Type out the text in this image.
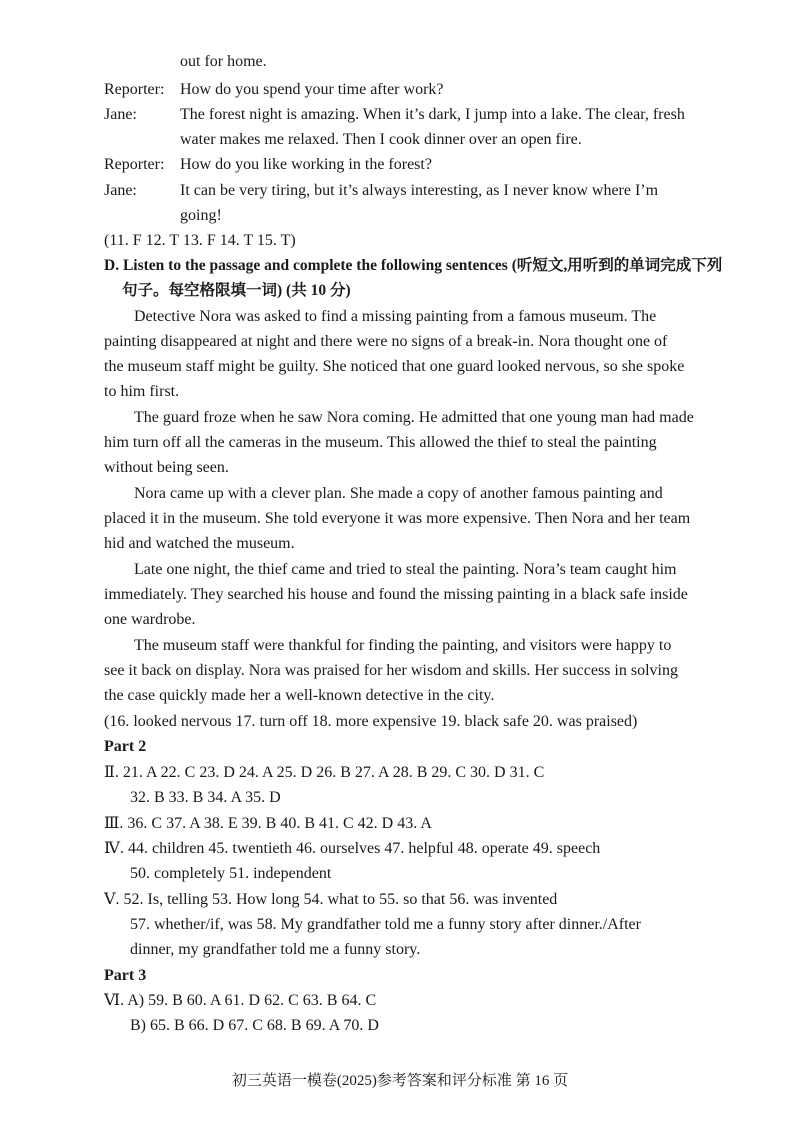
out for home.
Reporter: How do you spend your time after work?
Jane:	The forest night is amazing. When it’s dark, I jump into a lake. The clear, fresh
water makes me relaxed. Then I cook dinner over an open fire.
Reporter: How do you like working in the forest?
Jane:	It can be very tiring, but it’s always interesting, as I never know where I’m
going!
(11. F 12. T 13. F 14. T 15. T)
D. Listen to the passage and complete the following sentences (听短文,用听到的单词完成下列
句子。每空格限填一词) (共 10 分)
Detective Nora was asked to find a missing painting from a famous museum. The
painting disappeared at night and there were no signs of a break-in. Nora thought one of
the museum staff might be guilty. She noticed that one guard looked nervous, so she spoke
to him first.
The guard froze when he saw Nora coming. He admitted that one young man had made
him turn off all the cameras in the museum. This allowed the thief to steal the painting
without being seen.
Nora came up with a clever plan. She made a copy of another famous painting and
placed it in the museum. She told everyone it was more expensive. Then Nora and her team
hid and watched the museum.
Late one night, the thief came and tried to steal the painting. Nora’s team caught him
immediately. They searched his house and found the missing painting in a black safe inside
one wardrobe.
The museum staff were thankful for finding the painting, and visitors were happy to
see it back on display. Nora was praised for her wisdom and skills. Her success in solving
the case quickly made her a well-known detective in the city.
(16. looked nervous 17. turn off 18. more expensive 19. black safe 20. was praised)
Part 2
Ⅱ. 21. A 22. C 23. D 24. A 25. D 26. B 27. A 28. B 29. C 30. D 31. C
32. B 33. B 34. A 35. D
Ⅲ. 36. C 37. A 38. E 39. B 40. B 41. C 42. D 43. A
Ⅳ. 44. children 45. twentieth 46. ourselves 47. helpful 48. operate 49. speech
50. completely 51. independent
Ⅴ. 52. Is, telling 53. How long 54. what to 55. so that 56. was invented
57. whether/if, was 58. My grandfather told me a funny story after dinner./After
dinner, my grandfather told me a funny story.
Part 3
Ⅵ. A) 59. B 60. A 61. D 62. C 63. B 64. C
B) 65. B 66. D 67. C 68. B 69. A 70. D
初三英语一模卷(2025)参考答案和评分标准 第 16 页
